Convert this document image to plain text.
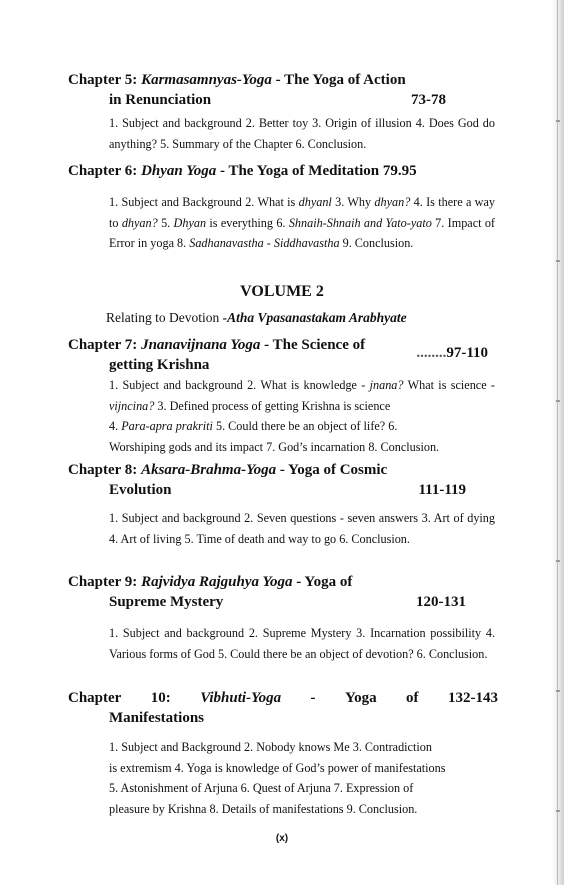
Chapter 5: Karmasamnyas-Yoga - The Yoga of Action
in Renunciation	73-78
1. Subject and background 2. Better toy 3. Origin of illusion 4. Does God do anything? 5. Summary of the Chapter 6. Conclusion.
Chapter 6: Dhyan Yoga - The Yoga of Meditation 79.95
1. Subject and Background 2. What is dhyanl 3. Why dhyan? 4. Is there a way to dhyan? 5. Dhyan is everything 6. Shnaih-Shnaih and Yato-yato 7. Impact of Error in yoga 8. Sadhanavastha - Siddhavastha 9. Conclusion.
VOLUME 2
Relating to Devotion -Atha Vpasanastakam Arabhyate
Chapter 7: Jnanavijnana Yoga - The Science of	........97-110
getting Krishna
1. Subject and background 2. What is knowledge - jnana? What is science -vijncina? 3. Defined process of getting Krishna is science
4. Para-apra prakriti 5. Could there be an object of life? 6.
Worshiping gods and its impact 7. God’s incarnation 8. Conclusion.
Chapter 8: Aksara-Brahma-Yoga - Yoga of Cosmic
Evolution	111-119
1. Subject and background 2. Seven questions - seven answers 3. Art of dying 4. Art of living 5. Time of death and way to go 6. Conclusion.
Chapter 9: Rajvidya Rajguhya Yoga - Yoga of
Supreme Mystery	120-131
1. Subject and background 2. Supreme Mystery 3. Incarnation possibility 4. Various forms of God 5. Could there be an object of devotion? 6. Conclusion.
Chapter 10: Vibhuti-Yoga - Yoga of 132-143
Manifestations
1. Subject and Background 2. Nobody knows Me 3. Contradiction
is extremism 4. Yoga is knowledge of God’s power of manifestations
5. Astonishment of Arjuna 6. Quest of Arjuna 7. Expression of
pleasure by Krishna 8. Details of manifestations 9. Conclusion.
(x)
